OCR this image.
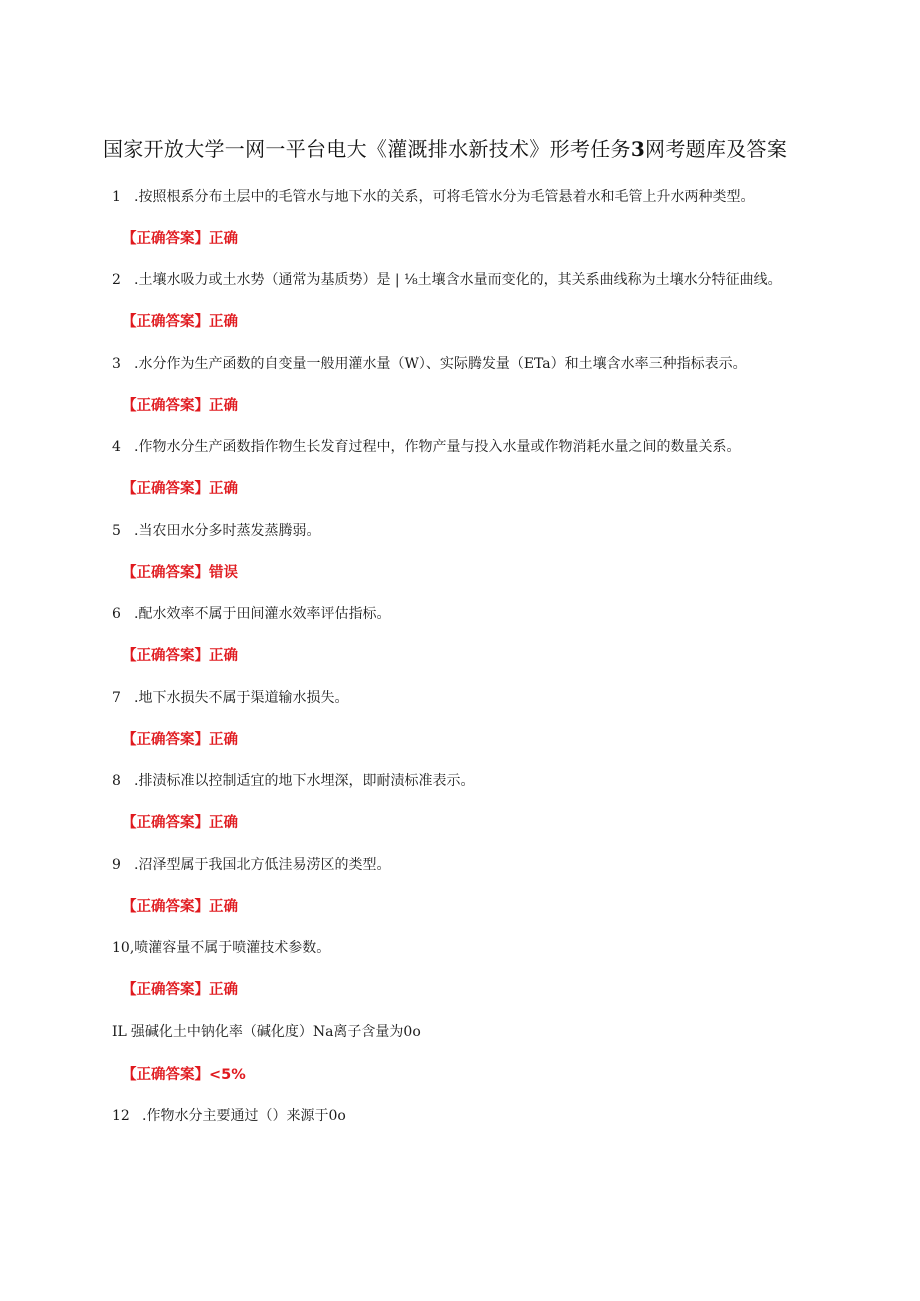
国家开放大学一网一平台电大《灌溉排水新技术》形考任务3网考题库及答案
1 .按照根系分布土层中的毛管水与地下水的关系，可将毛管水分为毛管悬着水和毛管上升水两种类型。
【正确答案】正确
2 .土壤水吸力或土水势（通常为基质势）是 | ⅛土壤含水量而变化的，其关系曲线称为土壤水分特征曲线。
【正确答案】正确
3 .水分作为生产函数的自变量一般用灌水量（W）、实际腾发量（ETa）和土壤含水率三种指标表示。
【正确答案】正确
4 .作物水分生产函数指作物生长发育过程中，作物产量与投入水量或作物消耗水量之间的数量关系。
【正确答案】正确
5 .当农田水分多时蒸发蒸腾弱。
【正确答案】错误
6 .配水效率不属于田间灌水效率评估指标。
【正确答案】正确
7 .地下水损失不属于渠道输水损失。
【正确答案】正确
8 .排渍标准以控制适宜的地下水埋深，即耐渍标准表示。
【正确答案】正确
9 .沼泽型属于我国北方低洼易涝区的类型。
【正确答案】正确
10,喷灌容量不属于喷灌技术参数。
【正确答案】正确
IL 强碱化土中钠化率（碱化度）Na离子含量为0o
【正确答案】<5%
12 .作物水分主要通过（）来源于0o
